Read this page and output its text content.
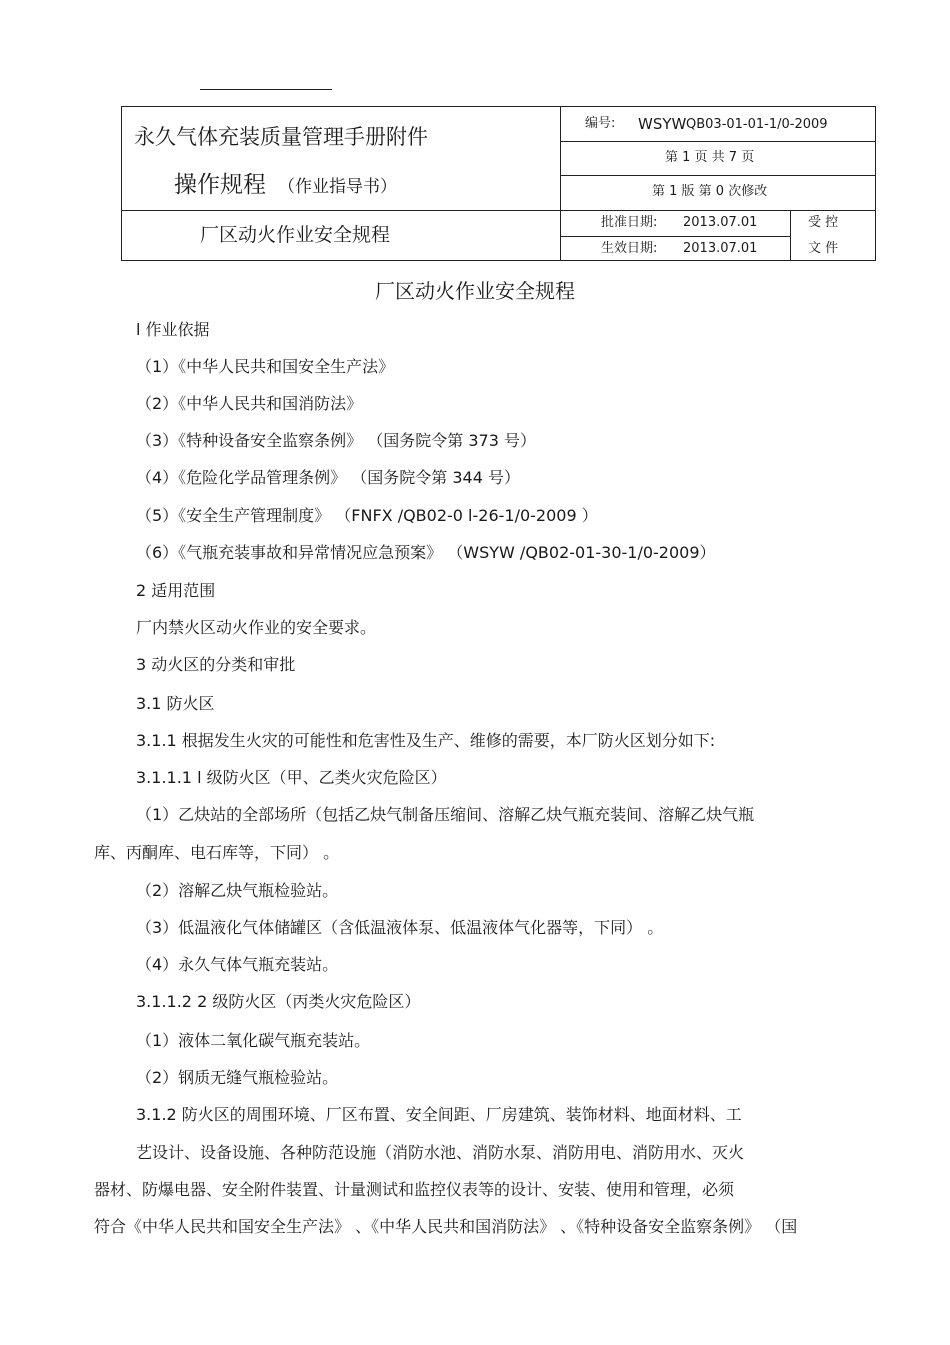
永久气体充装质量管理手册附件
操作规程 （作业指导书）
厂区动火作业安全规程
编号: WSYW QB03-01-01-1/0-2009
第 1 页 共 7 页
第 1 版 第 0 次修改
批准日期: 2013.07.01
生效日期: 2013.07.01
受 控
文 件
厂区动火作业安全规程
l 作业依据
（1）《中华人民共和国安全生产法》
（2）《中华人民共和国消防法》
（3）《特种设备安全监察条例》 （国务院令第 373 号）
（4）《危险化学品管理条例》 （国务院令第 344 号）
（5）《安全生产管理制度》 （FNFX /QB02-0 l-26-1/0-2009 ）
（6）《气瓶充装事故和异常情况应急预案》 （WSYW /QB02-01-30-1/0-2009）
2 适用范围
厂内禁火区动火作业的安全要求。
3 动火区的分类和审批
3.1 防火区
3.1.1 根据发生火灾的可能性和危害性及生产、维修的需要，本厂防火区划分如下:
3.1.1.1 l 级防火区（甲、乙类火灾危险区）
（1）乙炔站的全部场所（包括乙炔气制备压缩间、溶解乙炔气瓶充装间、溶解乙炔气瓶
库、丙酮库、电石库等，下同） 。
（2）溶解乙炔气瓶检验站。
（3）低温液化气体储罐区（含低温液体泵、低温液体气化器等，下同） 。
（4）永久气体气瓶充装站。
3.1.1.2 2 级防火区（丙类火灾危险区）
（1）液体二氧化碳气瓶充装站。
（2）钢质无缝气瓶检验站。
3.1.2 防火区的周围环境、厂区布置、安全间距、厂房建筑、装饰材料、地面材料、工
艺设计、设备设施、各种防范设施（消防水池、消防水泵、消防用电、消防用水、灭火
器材、防爆电器、安全附件装置、计量测试和监控仪表等的设计、安装、使用和管理，必须
符合《中华人民共和国安全生产法》 、《中华人民共和国消防法》 、《特种设备安全监察条例》 （国
